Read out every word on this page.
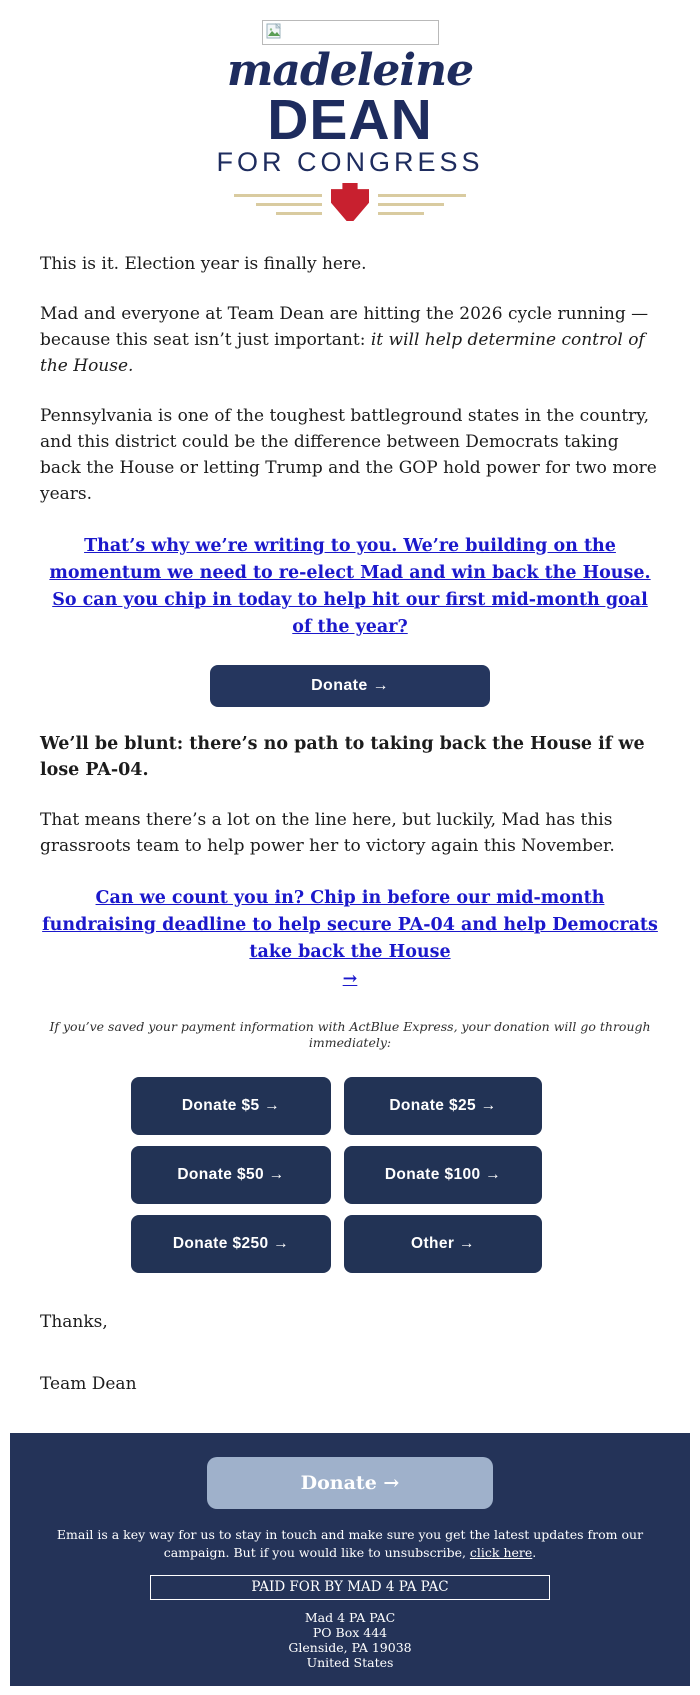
madeleine
DEAN
FOR CONGRESS

This is it. Election year is finally here.

Mad and everyone at Team Dean are hitting the 2026 cycle running — because this seat isn’t just important: it will help determine control of the House.

Pennsylvania is one of the toughest battleground states in the country, and this district could be the difference between Democrats taking back the House or letting Trump and the GOP hold power for two more years.

That’s why we’re writing to you. We’re building on the momentum we need to re-elect Mad and win back the House. So can you chip in today to help hit our first mid-month goal of the year?

Donate →

We’ll be blunt: there’s no path to taking back the House if we lose PA-04.

That means there’s a lot on the line here, but luckily, Mad has this grassroots team to help power her to victory again this November.

Can we count you in? Chip in before our mid-month fundraising deadline to help secure PA-04 and help Democrats take back the House
→

If you’ve saved your payment information with ActBlue Express, your donation will go through immediately:

Donate $5 →	Donate $25 →
Donate $50 →	Donate $100 →
Donate $250 →	Other →

Thanks,

Team Dean

Donate →

Email is a key way for us to stay in touch and make sure you get the latest updates from our campaign. But if you would like to unsubscribe, click here.

PAID FOR BY MAD 4 PA PAC
Mad 4 PA PAC
PO Box 444
Glenside, PA 19038
United States
